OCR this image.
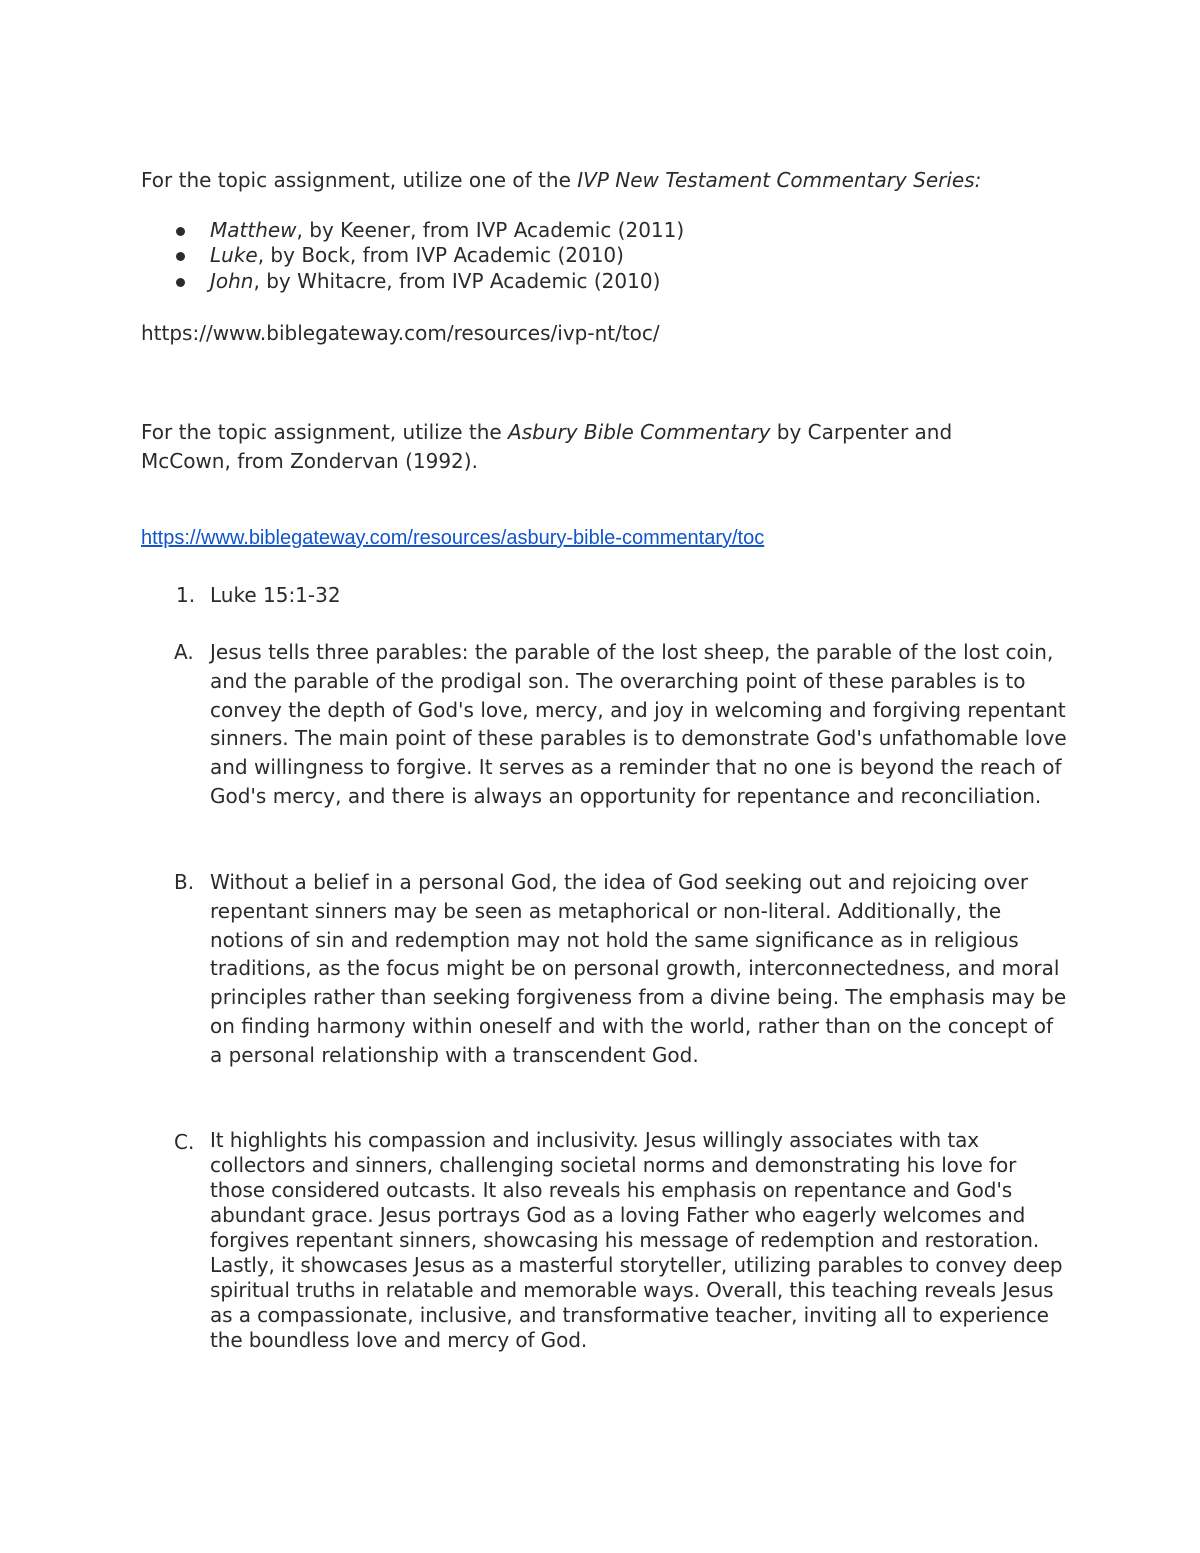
For the topic assignment, utilize one of the IVP New Testament Commentary Series:
Matthew, by Keener, from IVP Academic (2011)
Luke, by Bock, from IVP Academic (2010)
John, by Whitacre, from IVP Academic (2010)
https://www.biblegateway.com/resources/ivp-nt/toc/
For the topic assignment, utilize the Asbury Bible Commentary by Carpenter and
McCown, from Zondervan (1992).
https://www.biblegateway.com/resources/asbury-bible-commentary/toc
1. Luke 15:1-32
A. Jesus tells three parables: the parable of the lost sheep, the parable of the lost coin, and the parable of the prodigal son. The overarching point of these parables is to convey the depth of God's love, mercy, and joy in welcoming and forgiving repentant sinners. The main point of these parables is to demonstrate God's unfathomable love and willingness to forgive. It serves as a reminder that no one is beyond the reach of God's mercy, and there is always an opportunity for repentance and reconciliation.
B. Without a belief in a personal God, the idea of God seeking out and rejoicing over repentant sinners may be seen as metaphorical or non-literal. Additionally, the notions of sin and redemption may not hold the same significance as in religious traditions, as the focus might be on personal growth, interconnectedness, and moral principles rather than seeking forgiveness from a divine being. The emphasis may be on finding harmony within oneself and with the world, rather than on the concept of a personal relationship with a transcendent God.
C. It highlights his compassion and inclusivity. Jesus willingly associates with tax collectors and sinners, challenging societal norms and demonstrating his love for those considered outcasts. It also reveals his emphasis on repentance and God's abundant grace. Jesus portrays God as a loving Father who eagerly welcomes and forgives repentant sinners, showcasing his message of redemption and restoration. Lastly, it showcases Jesus as a masterful storyteller, utilizing parables to convey deep spiritual truths in relatable and memorable ways. Overall, this teaching reveals Jesus as a compassionate, inclusive, and transformative teacher, inviting all to experience the boundless love and mercy of God.
